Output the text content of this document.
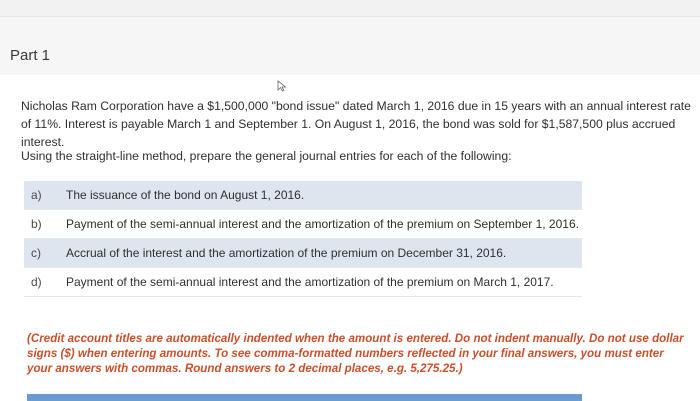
Part 1

Nicholas Ram Corporation have a $1,500,000 "bond issue" dated March 1, 2016 due in 15 years with an annual interest rate of 11%. Interest is payable March 1 and September 1. On August 1, 2016, the bond was sold for $1,587,500 plus accrued interest.

Using the straight-line method, prepare the general journal entries for each of the following:

a)	The issuance of the bond on August 1, 2016.
b)	Payment of the semi-annual interest and the amortization of the premium on September 1, 2016.
c)	Accrual of the interest and the amortization of the premium on December 31, 2016.
d)	Payment of the semi-annual interest and the amortization of the premium on March 1, 2017.

(Credit account titles are automatically indented when the amount is entered. Do not indent manually. Do not use dollar signs ($) when entering amounts. To see comma-formatted numbers reflected in your final answers, you must enter your answers with commas. Round answers to 2 decimal places, e.g. 5,275.25.)
